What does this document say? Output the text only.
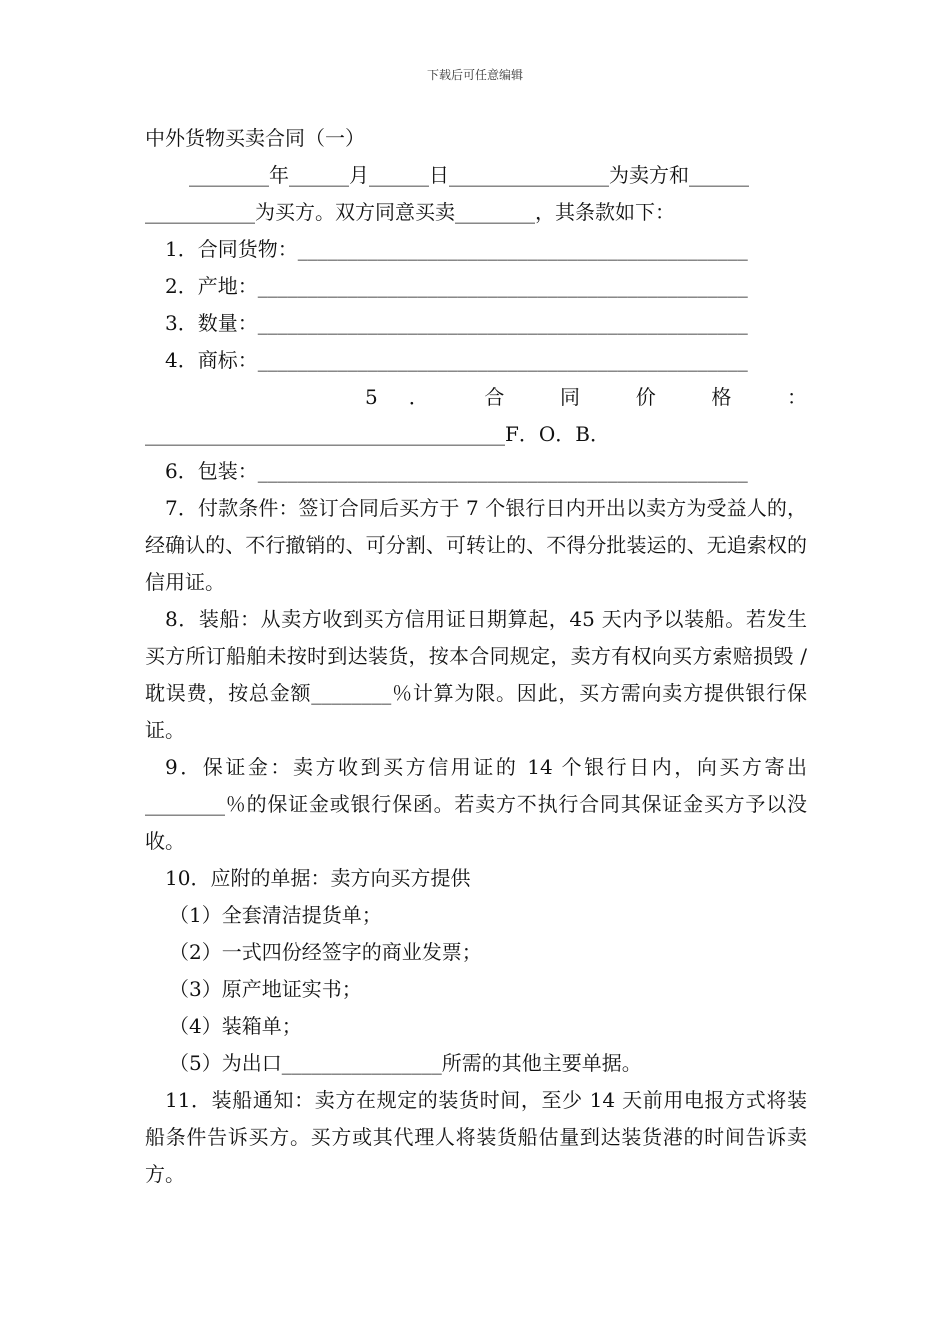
下载后可任意编辑
中外货物买卖合同（一）
________年______月______日________________为卖方和______
___________为买方。双方同意买卖________，其条款如下：
1．合同货物：_____________________________________________
2．产地：_________________________________________________
3．数量：_________________________________________________
4．商标：_________________________________________________
5 ． 合 同 价 格 ：
____________________________________F．O．B．
6．包装：_________________________________________________
7．付款条件：签订合同后买方于 7 个银行日内开出以卖方为受益人的，经确认的、不行撤销的、可分割、可转让的、不得分批装运的、无追索权的信用证。
8．装船：从卖方收到买方信用证日期算起，45 天内予以装船。若发生买方所订船舶未按时到达装货，按本合同规定，卖方有权向买方索赔损毁 / 耽误费，按总金额________％计算为限。因此，买方需向卖方提供银行保证。
9．保证金：卖方收到买方信用证的 14 个银行日内，向买方寄出________％的保证金或银行保函。若卖方不执行合同其保证金买方予以没收。
10．应附的单据：卖方向买方提供
（1）全套清洁提货单；
（2）一式四份经签字的商业发票；
（3）原产地证实书；
（4）装箱单；
（5）为出口________________所需的其他主要单据。
11．装船通知：卖方在规定的装货时间，至少 14 天前用电报方式将装船条件告诉买方。买方或其代理人将装货船估量到达装货港的时间告诉卖方。
